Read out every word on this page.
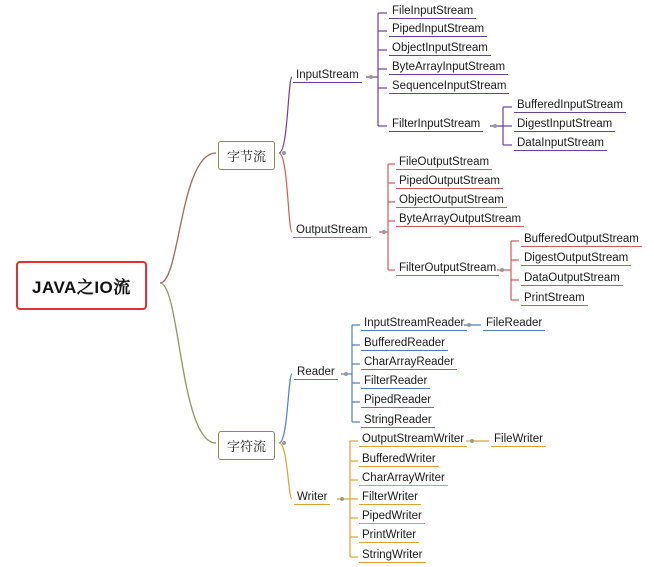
JAVA之IO流
字节流
字符流
InputStream
FileInputStream
PipedInputStream
ObjectInputStream
ByteArrayInputStream
SequenceInputStream
FilterInputStream
BufferedInputStream
DigestInputStream
DataInputStream
OutputStream
FileOutputStream
PipedOutputStream
ObjectOutputStream
ByteArrayOutputStream
FilterOutputStream
BufferedOutputStream
DigestOutputStream
DataOutputStream
PrintStream
Reader
InputStreamReader FileReader
BufferedReader
CharArrayReader
FilterReader
PipedReader
StringReader
Writer
OutputStreamWriter	FileWriter
BufferedWriter
CharArrayWriter
FilterWriter
PipedWriter
PrintWriter
StringWriter
